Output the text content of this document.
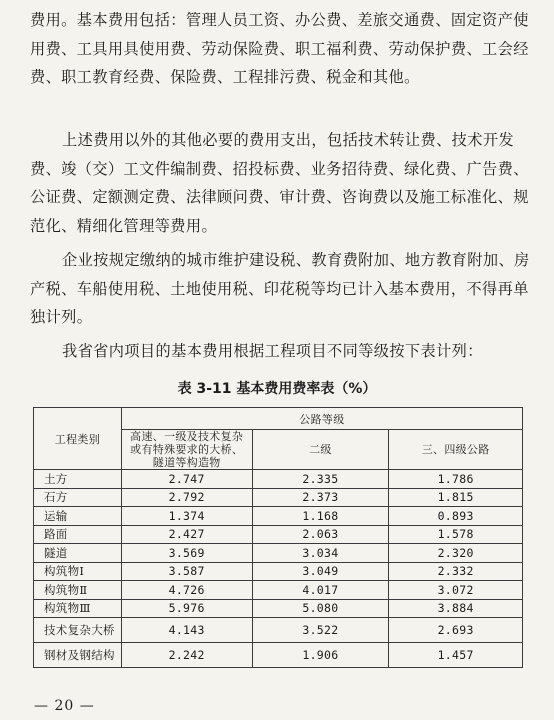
费用。基本费用包括：管理人员工资、办公费、差旅交通费、固定资产使用费、工具用具使用费、劳动保险费、职工福利费、劳动保护费、工会经费、职工教育经费、保险费、工程排污费、税金和其他。

上述费用以外的其他必要的费用支出，包括技术转让费、技术开发费、竣（交）工文件编制费、招投标费、业务招待费、绿化费、广告费、公证费、定额测定费、法律顾问费、审计费、咨询费以及施工标准化、规范化、精细化管理等费用。

企业按规定缴纳的城市维护建设税、教育费附加、地方教育附加、房产税、车船使用税、土地使用税、印花税等均已计入基本费用，不得再单独计列。

我省省内项目的基本费用根据工程项目不同等级按下表计列：

表 3-11 基本费用费率表（%）
工程类别	公路等级		
	高速、一级及技术复杂或有特殊要求的大桥、隧道等构造物	二级	三、四级公路
土方	2.747	2.335	1.786
石方	2.792	2.373	1.815
运输	1.374	1.168	0.893
路面	2.427	2.063	1.578
隧道	3.569	3.034	2.320
构筑物Ⅰ	3.587	3.049	2.332
构筑物Ⅱ	4.726	4.017	3.072
构筑物Ⅲ	5.976	5.080	3.884
技术复杂大桥	4.143	3.522	2.693
钢材及钢结构	2.242	1.906	1.457
— 20 —
